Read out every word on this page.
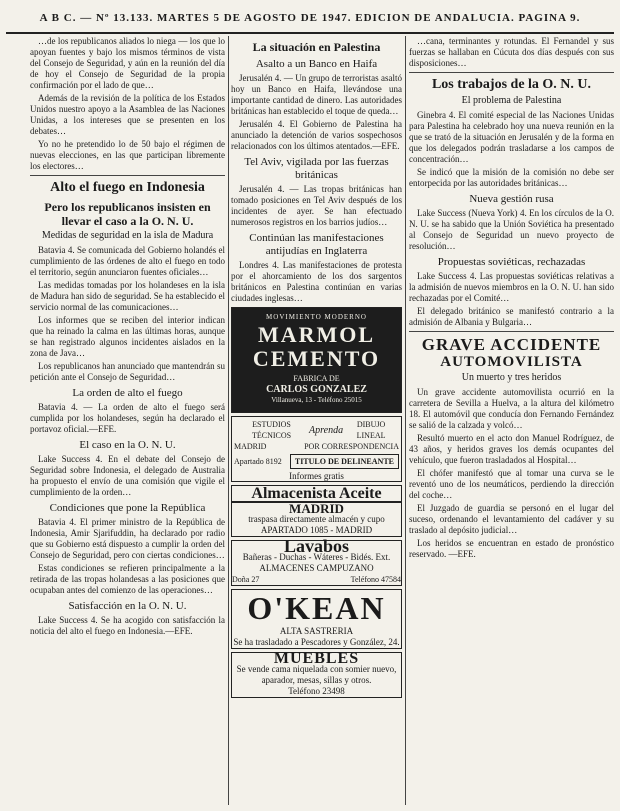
A B C. — Nº 13.133. MARTES 5 DE AGOSTO DE 1947. EDICION DE ANDALUCIA. PAGINA 9.

…de los republicanos aliados lo niega — los que lo apoyan fuentes y bajo los mismos términos de vista del Consejo de Seguridad, y aún en la reunión del día de hoy el Consejo de Seguridad de la propia confirmación por el lado de que…

Además de la revisión de la política de los Estados Unidos nuestro apoyo a la Asamblea de las Naciones Unidas, a los intereses que se presenten en los debates…

Yo no he pretendido lo de 50 bajo el régimen de nuevas elecciones, en las que participan libremente los electores…

Alto el fuego en Indonesia
Pero los republicanos insisten en llevar el caso a la O. N. U.
Medidas de seguridad en la isla de Madura

Batavia 4. Se comunicada del Gobierno holandés el cumplimiento de las órdenes de alto el fuego en todo el territorio, según anunciaron fuentes oficiales…

Las medidas tomadas por los holandeses en la isla de Madura han sido de seguridad. Se ha establecido el servicio normal de las comunicaciones…

Los informes que se reciben del interior indican que ha reinado la calma en las últimas horas, aunque se han registrado algunos incidentes aislados en la zona de Java…

Los republicanos han anunciado que mantendrán su petición ante el Consejo de Seguridad…

La orden de alto el fuego

Batavia 4. — La orden de alto el fuego será cumplida por los holandeses, según ha declarado el portavoz oficial.—EFE.

El caso en la O. N. U.

Lake Success 4. En el debate del Consejo de Seguridad sobre Indonesia, el delegado de Australia ha propuesto el envío de una comisión que vigile el cumplimiento de la orden…

Condiciones que pone la República

Batavia 4. El primer ministro de la República de Indonesia, Amir Sjarifuddin, ha declarado por radio que su Gobierno está dispuesto a cumplir la orden del Consejo de Seguridad, pero con ciertas condiciones…

Estas condiciones se refieren principalmente a la retirada de las tropas holandesas a las posiciones que ocupaban antes del comienzo de las operaciones…

Satisfacción en la O. N. U.

Lake Success 4. Se ha acogido con satisfacción la noticia del alto el fuego en Indonesia.—EFE.

La situación en Palestina
Asalto a un Banco en Haifa

Jerusalén 4. — Un grupo de terroristas asaltó hoy un Banco en Haifa, llevándose una importante cantidad de dinero. Las autoridades británicas han establecido el toque de queda…

Jerusalén 4. El Gobierno de Palestina ha anunciado la detención de varios sospechosos relacionados con los últimos atentados.—EFE.

Tel Aviv, vigilada por las fuerzas británicas

Jerusalén 4. — Las tropas británicas han tomado posiciones en Tel Aviv después de los incidentes de ayer. Se han efectuado numerosos registros en los barrios judíos…

Continúan las manifestaciones antijudías en Inglaterra

Londres 4. Las manifestaciones de protesta por el ahorcamiento de los dos sargentos británicos en Palestina continúan en varias ciudades inglesas…

MOVIMIENTO MODERNO
MARMOL
CEMENTO
FABRICA DE
CARLOS GONZALEZ
Villanueva, 13 - Teléfono 25015
ESTUDIOS TÉCNICOS	Aprenda	DIBUJO LINEAL
MADRID	POR CORRESPONDENCIA
Apartado 8192	TITULO DE DELINEANTE
Informes gratis
Almacenista Aceite
MADRID
traspasa directamente almacén y cupo
APARTADO 1085 - MADRID
Lavabos
Bañeras - Duchas - Wáteres - Bidés. Ext.
ALMACENES CAMPUZANO
Doña 27	Teléfono 47584
O'KEAN
ALTA SASTRERIA
Se ha trasladado a Pescadores y González, 24.
MUEBLES
Se vende cama niquelada con somier nuevo, aparador, mesas, sillas y otros.
Teléfono 23498

…cana, terminantes y rotundas. El Fernandel y sus fuerzas se hallaban en Cúcuta dos días después con sus disposiciones…

Los trabajos de la O. N. U.
El problema de Palestina

Ginebra 4. El comité especial de las Naciones Unidas para Palestina ha celebrado hoy una nueva reunión en la que se trató de la situación en Jerusalén y de la forma en que los delegados podrán trasladarse a los campos de concentración…

Se indicó que la misión de la comisión no debe ser entorpecida por las autoridades británicas…

Nueva gestión rusa

Lake Success (Nueva York) 4. En los círculos de la O. N. U. se ha sabido que la Unión Soviética ha presentado al Consejo de Seguridad un nuevo proyecto de resolución…

Propuestas soviéticas, rechazadas

Lake Success 4. Las propuestas soviéticas relativas a la admisión de nuevos miembros en la O. N. U. han sido rechazadas por el Comité…

El delegado británico se manifestó contrario a la admisión de Albania y Bulgaria…

GRAVE ACCIDENTE
AUTOMOVILISTA
Un muerto y tres heridos

Un grave accidente automovilista ocurrió en la carretera de Sevilla a Huelva, a la altura del kilómetro 18. El automóvil que conducía don Fernando Fernández se salió de la calzada y volcó…

Resultó muerto en el acto don Manuel Rodríguez, de 43 años, y heridos graves los demás ocupantes del vehículo, que fueron trasladados al Hospital…

El chófer manifestó que al tomar una curva se le reventó uno de los neumáticos, perdiendo la dirección del coche…

El Juzgado de guardia se personó en el lugar del suceso, ordenando el levantamiento del cadáver y su traslado al depósito judicial…

Los heridos se encuentran en estado de pronóstico reservado. —EFE.
